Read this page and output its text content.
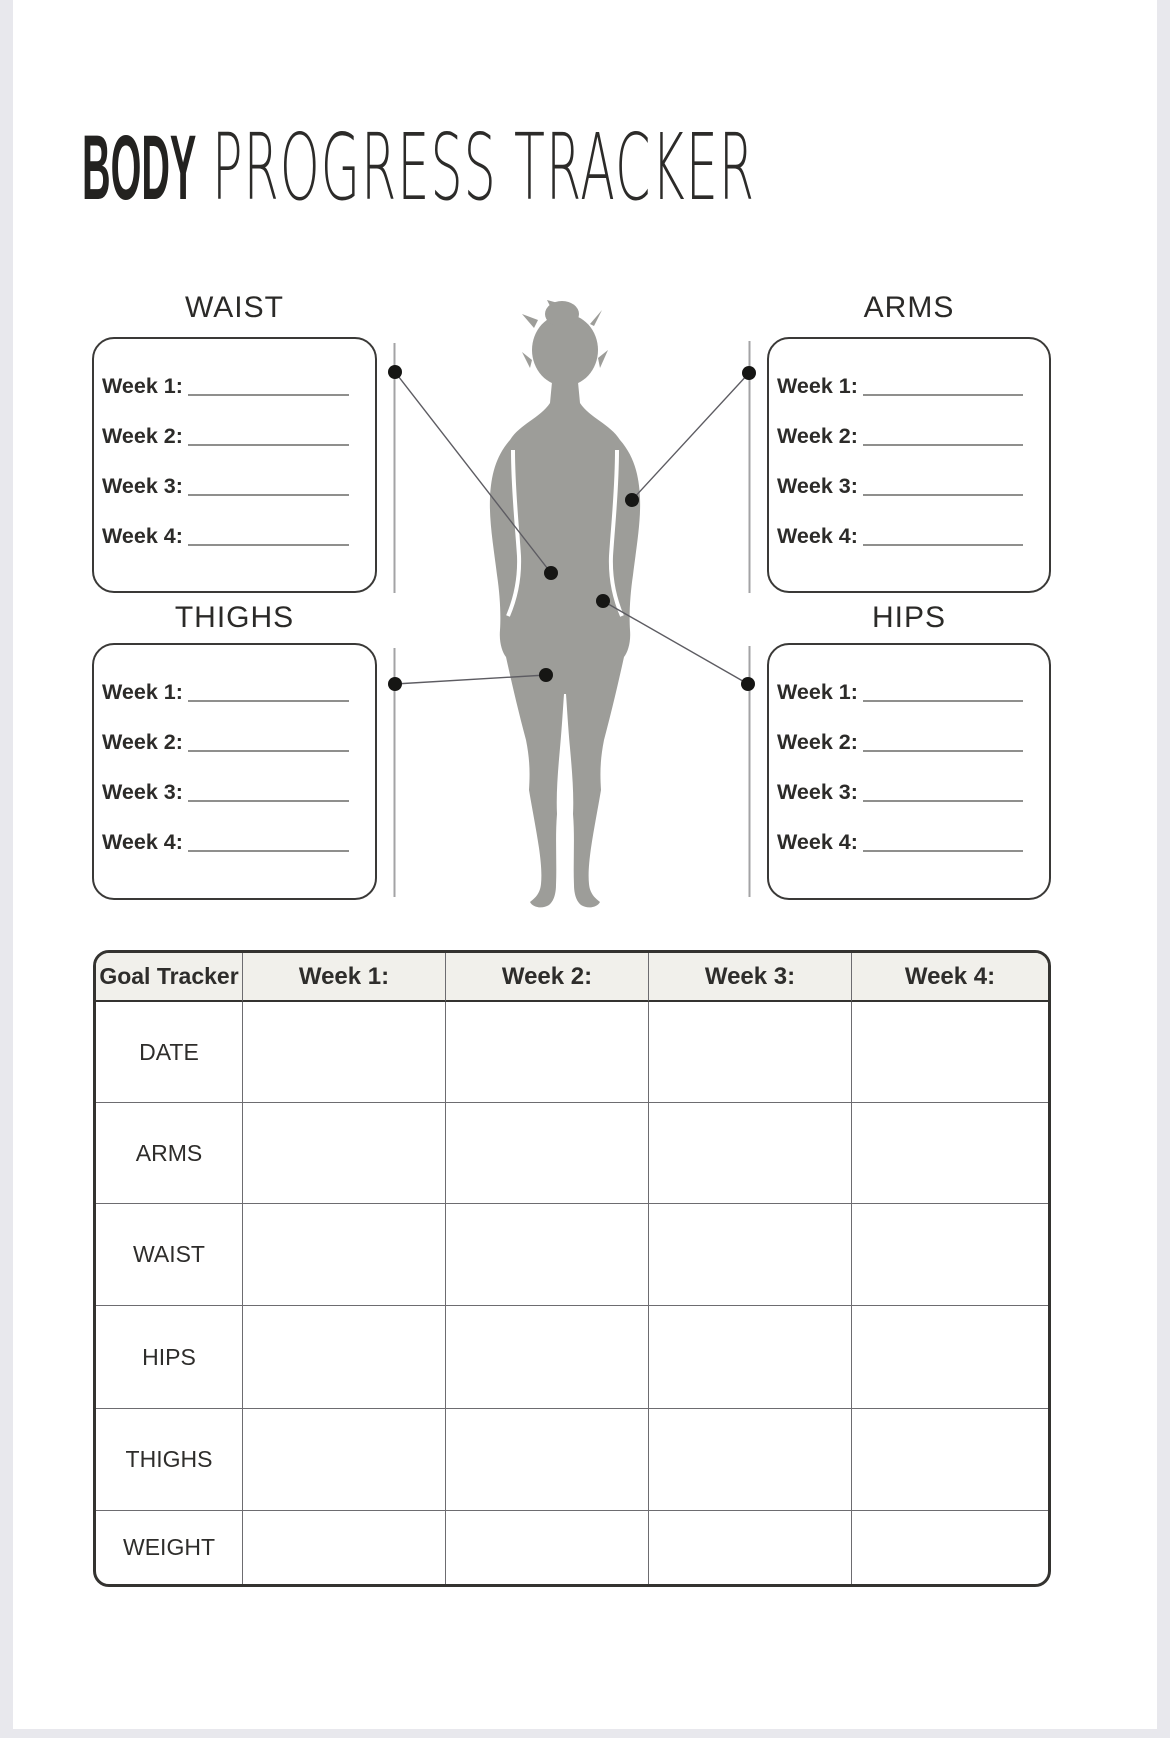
BODY PROGRESS TRACKER
WAIST	ARMS
THIGHS	HIPS
Week 1:
Week 2:
Week 3:
Week 4:
Week 1:
Week 2:
Week 3:
Week 4:
Week 1:
Week 2:
Week 3:
Week 4:
Week 1:
Week 2:
Week 3:
Week 4:
Goal Tracker	Week 1:	Week 2:	Week 3:	Week 4:
DATE
ARMS
WAIST
HIPS
THIGHS
WEIGHT
